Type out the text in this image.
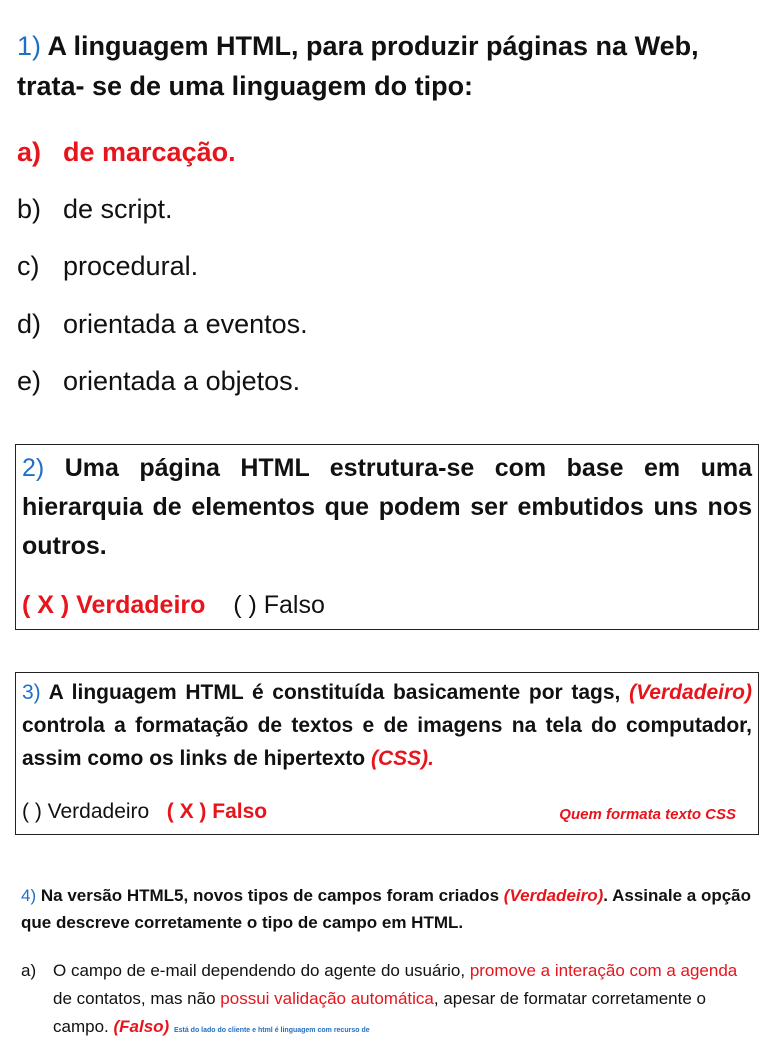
1) A linguagem HTML, para produzir páginas na Web, trata- se de uma linguagem do tipo:
a) de marcação.
b) de script.
c) procedural.
d) orientada a eventos.
e) orientada a objetos.
2) Uma página HTML estrutura-se com base em uma hierarquia de elementos que podem ser embutidos uns nos outros.
( X ) Verdadeiro ( ) Falso
3) A linguagem HTML é constituída basicamente por tags, (Verdadeiro) controla a formatação de textos e de imagens na tela do computador, assim como os links de hipertexto (CSS).
( ) Verdadeiro ( X ) Falso	Quem formata texto CSS
4) Na versão HTML5, novos tipos de campos foram criados (Verdadeiro). Assinale a opção que descreve corretamente o tipo de campo em HTML.
a) O campo de e-mail dependendo do agente do usuário, promove a interação com a agenda de contatos, mas não possui validação automática, apesar de formatar corretamente o campo. (Falso) Está do lado do cliente e html é linguagem com recurso de
